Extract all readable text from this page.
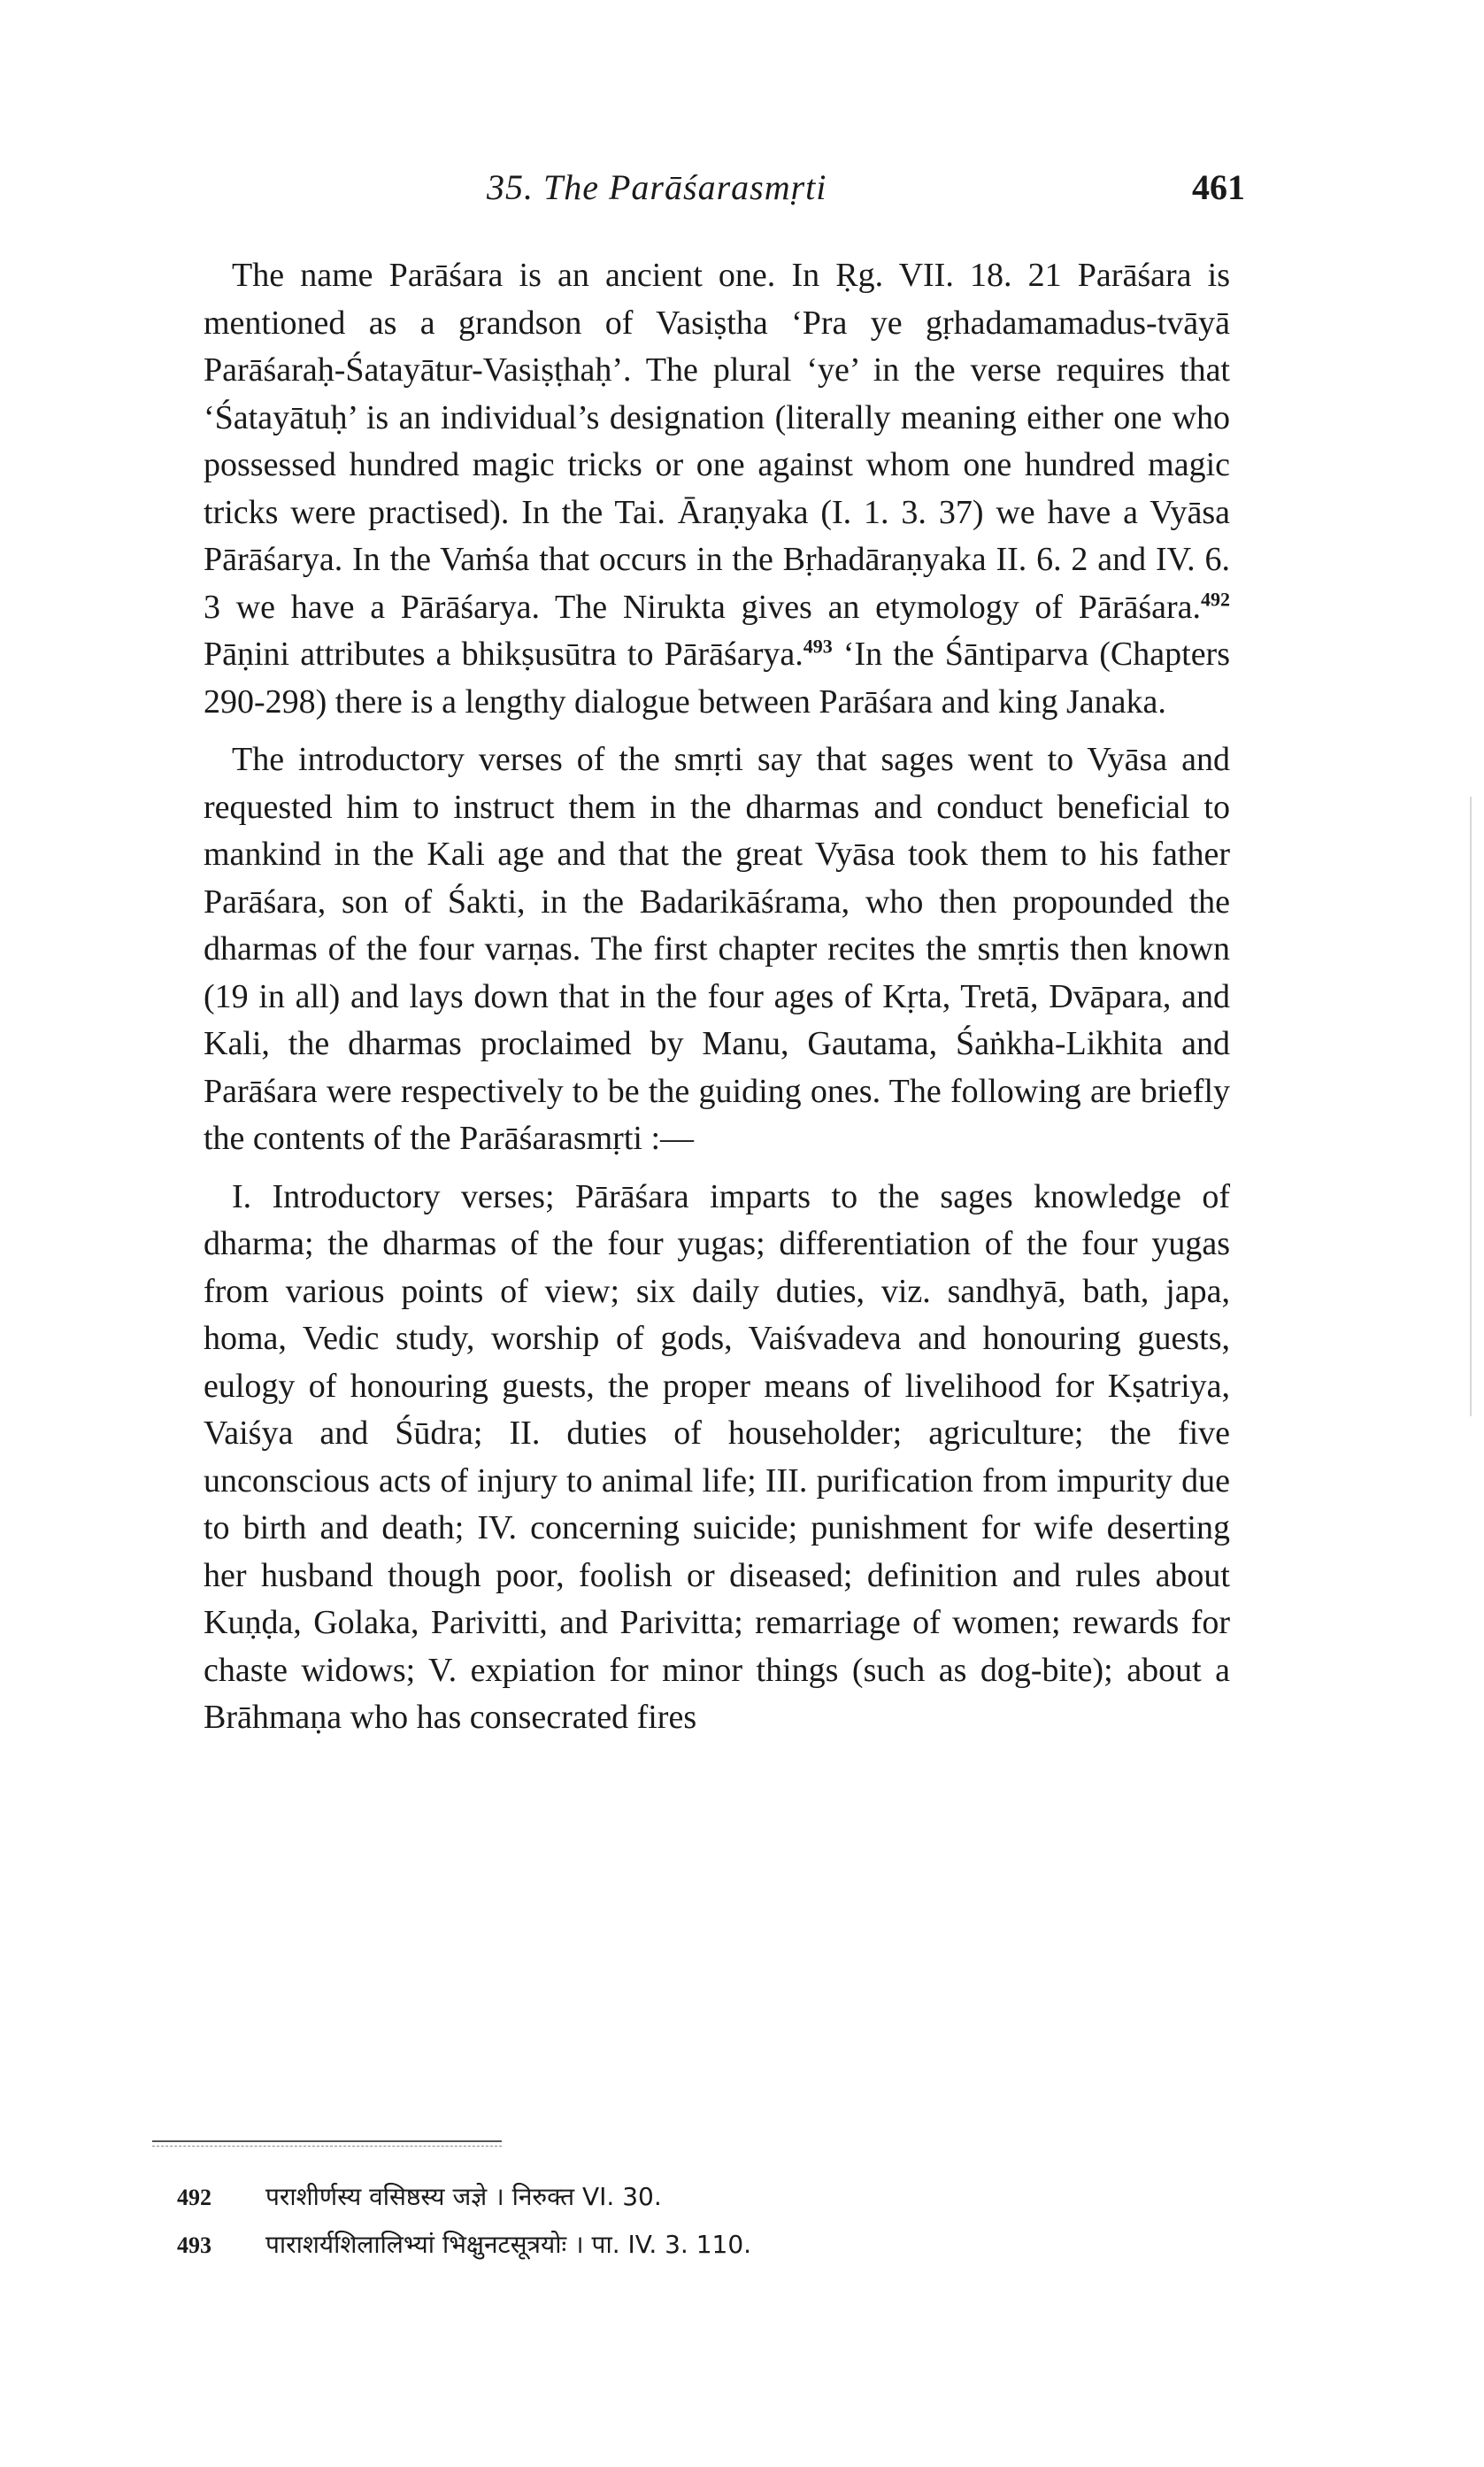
35. The Parāśarasmṛti	461

The name Parāśara is an ancient one. In Ṛg. VII. 18. 21 Parāśara is mentioned as a grandson of Vasiṣtha ‘Pra ye gṛhadamamadus-tvāyā Parāśaraḥ-Śatayātur-Vasiṣṭhaḥ’. The plural ‘ye’ in the verse requires that ‘Śatayātuḥ’ is an individual’s designation (literally meaning either one who possessed hundred magic tricks or one against whom one hundred magic tricks were practised). In the Tai. Āraṇyaka (I. 1. 3. 37) we have a Vyāsa Pārāśarya. In the Vaṁśa that occurs in the Bṛhadāraṇyaka II. 6. 2 and IV. 6. 3 we have a Pārāśarya. The Nirukta gives an etymology of Pārāśara.$^{492}$ Pāṇini attributes a bhikṣusūtra to Pārāśarya.$^{493}$ ‘In the Śāntiparva (Chapters 290-298) there is a lengthy dialogue between Parāśara and king Janaka.

The introductory verses of the smṛti say that sages went to Vyāsa and requested him to instruct them in the dharmas and conduct beneficial to mankind in the Kali age and that the great Vyāsa took them to his father Parāśara, son of Śakti, in the Badarikāśrama, who then propounded the dharmas of the four varṇas. The first chapter recites the smṛtis then known (19 in all) and lays down that in the four ages of Kṛta, Tretā, Dvāpara, and Kali, the dharmas proclaimed by Manu, Gautama, Śaṅkha-Likhita and Parāśara were respectively to be the guiding ones. The following are briefly the contents of the Parāśarasmṛti :—

I. Introductory verses; Pārāśara imparts to the sages knowledge of dharma; the dharmas of the four yugas; differentiation of the four yugas from various points of view; six daily duties, viz. sandhyā, bath, japa, homa, Vedic study, worship of gods, Vaiśvadeva and honouring guests, eulogy of honouring guests, the proper means of livelihood for Kṣatriya, Vaiśya and Śūdra; II. duties of householder; agriculture; the five unconscious acts of injury to animal life; III. purification from impurity due to birth and death; IV. concerning suicide; punishment for wife deserting her husband though poor, foolish or diseased; definition and rules about Kuṇḍa, Golaka, Parivitti, and Parivitta; remarriage of women; rewards for chaste widows; V. expiation for minor things (such as dog-bite); about a Brāhmaṇa who has consecrated fires

492	पराशीर्णस्य वसिष्ठस्य जज्ञे । निरुक्त VI. 30.
493	पाराशर्यशिलालिभ्यां भिक्षुनटसूत्रयोः । पा. IV. 3. 110.
